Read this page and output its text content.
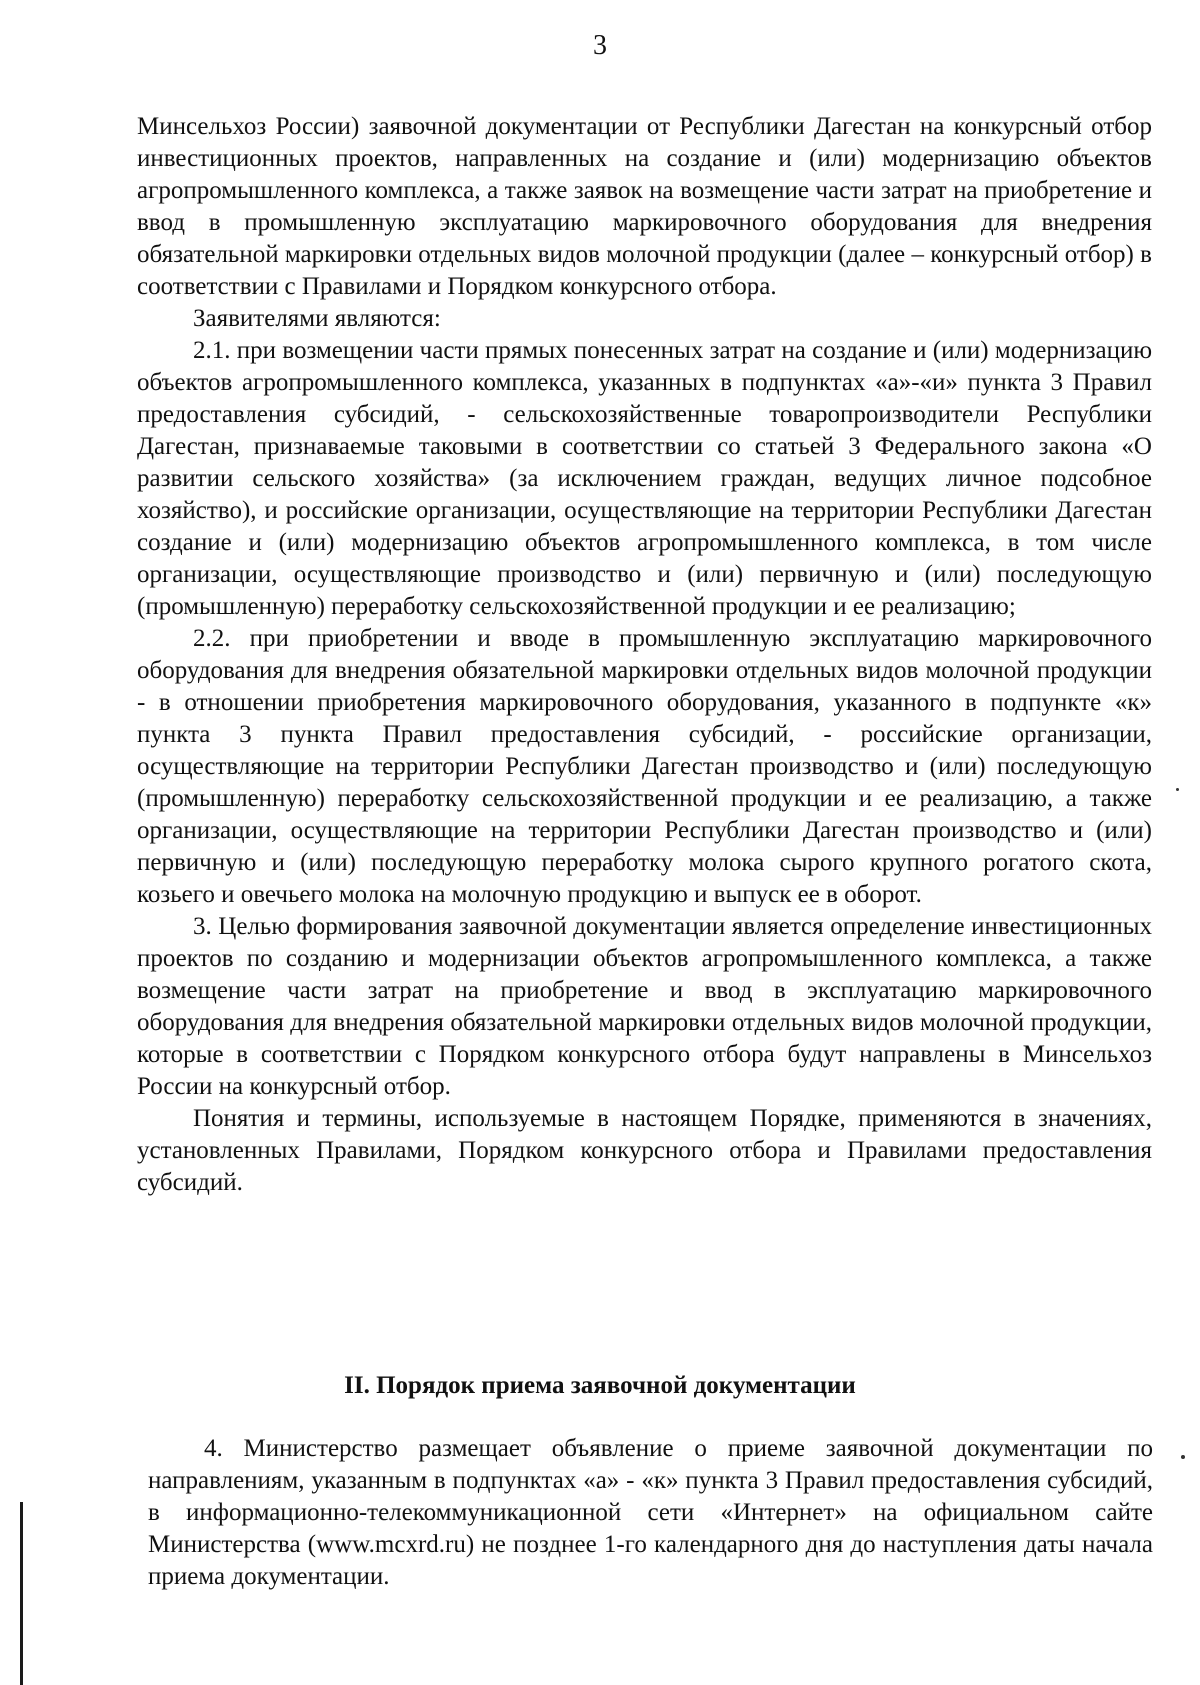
3

Минсельхоз России) заявочной документации от Республики Дагестан на конкурсный отбор инвестиционных проектов, направленных на создание и (или) модернизацию объектов агропромышленного комплекса, а также заявок на возмещение части затрат на приобретение и ввод в промышленную эксплуатацию маркировочного оборудования для внедрения обязательной маркировки отдельных видов молочной продукции (далее – конкурсный отбор) в соответствии с Правилами и Порядком конкурсного отбора.

Заявителями являются:

2.1. при возмещении части прямых понесенных затрат на создание и (или) модернизацию объектов агропромышленного комплекса, указанных в подпунктах «а»-«и» пункта 3 Правил предоставления субсидий, - сельскохозяйственные товаропроизводители Республики Дагестан, признаваемые таковыми в соответствии со статьей 3 Федерального закона «О развитии сельского хозяйства» (за исключением граждан, ведущих личное подсобное хозяйство), и российские организации, осуществляющие на территории Республики Дагестан создание и (или) модернизацию объектов агропромышленного комплекса, в том числе организации, осуществляющие производство и (или) первичную и (или) последующую (промышленную) переработку сельскохозяйственной продукции и ее реализацию;

2.2. при приобретении и вводе в промышленную эксплуатацию маркировочного оборудования для внедрения обязательной маркировки отдельных видов молочной продукции - в отношении приобретения маркировочного оборудования, указанного в подпункте «к» пункта 3 пункта Правил предоставления субсидий, - российские организации, осуществляющие на территории Республики Дагестан производство и (или) последующую (промышленную) переработку сельскохозяйственной продукции и ее реализацию, а также организации, осуществляющие на территории Республики Дагестан производство и (или) первичную и (или) последующую переработку молока сырого крупного рогатого скота, козьего и овечьего молока на молочную продукцию и выпуск ее в оборот.

3. Целью формирования заявочной документации является определение инвестиционных проектов по созданию и модернизации объектов агропромышленного комплекса, а также возмещение части затрат на приобретение и ввод в эксплуатацию маркировочного оборудования для внедрения обязательной маркировки отдельных видов молочной продукции, которые в соответствии с Порядком конкурсного отбора будут направлены в Минсельхоз России на конкурсный отбор.

Понятия и термины, используемые в настоящем Порядке, применяются в значениях, установленных Правилами, Порядком конкурсного отбора и Правилами предоставления субсидий.

II. Порядок приема заявочной документации

4. Министерство размещает объявление о приеме заявочной документации по направлениям, указанным в подпунктах «а» - «к» пункта 3 Правил предоставления субсидий, в информационно-телекоммуникационной сети «Интернет» на официальном сайте Министерства (www.mcxrd.ru) не позднее 1-го календарного дня до наступления даты начала приема документации.
